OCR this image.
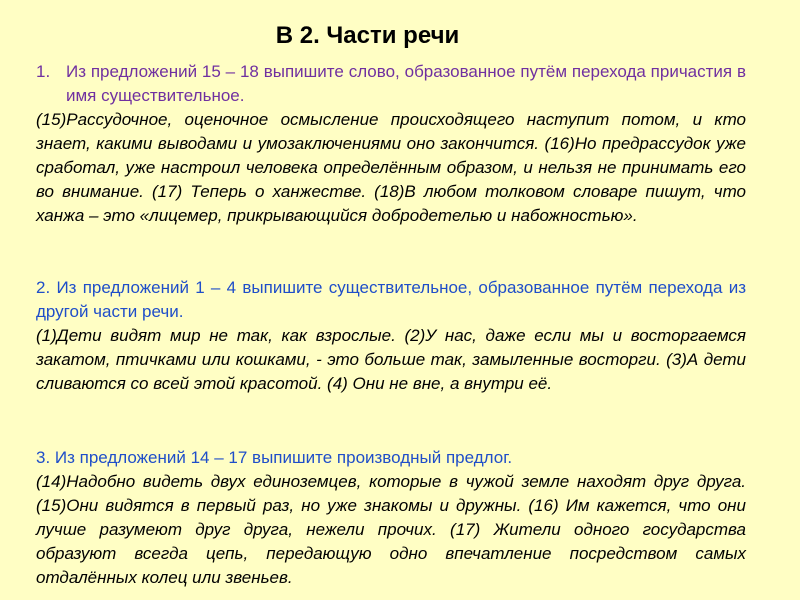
В 2. Части речи
1. Из предложений 15 – 18 выпишите слово, образованное путём перехода причастия в имя существительное.
(15)Рассудочное, оценочное осмысление происходящего наступит потом, и кто знает, какими выводами и умозаключениями оно закончится. (16)Но предрассудок уже сработал, уже настроил человека определённым образом, и нельзя не принимать его во внимание. (17) Теперь о ханжестве. (18)В любом толковом словаре пишут, что ханжа – это «лицемер, прикрывающийся добродетелью и набожностью».
2. Из предложений 1 – 4 выпишите существительное, образованное путём перехода из другой части речи.
(1)Дети видят мир не так, как взрослые. (2)У нас, даже если мы и восторгаемся закатом, птичками или кошками, - это больше так, замыленные восторги. (3)А дети сливаются со всей этой красотой. (4) Они не вне, а внутри её.
3. Из предложений 14 – 17 выпишите производный предлог.
(14)Надобно видеть двух единоземцев, которые в чужой земле находят друг друга. (15)Они видятся в первый раз, но уже знакомы и дружны. (16) Им кажется, что они лучше разумеют друг друга, нежели прочих. (17) Жители одного государства образуют всегда цепь, передающую одно впечатление посредством самых отдалённых колец или звеньев.
